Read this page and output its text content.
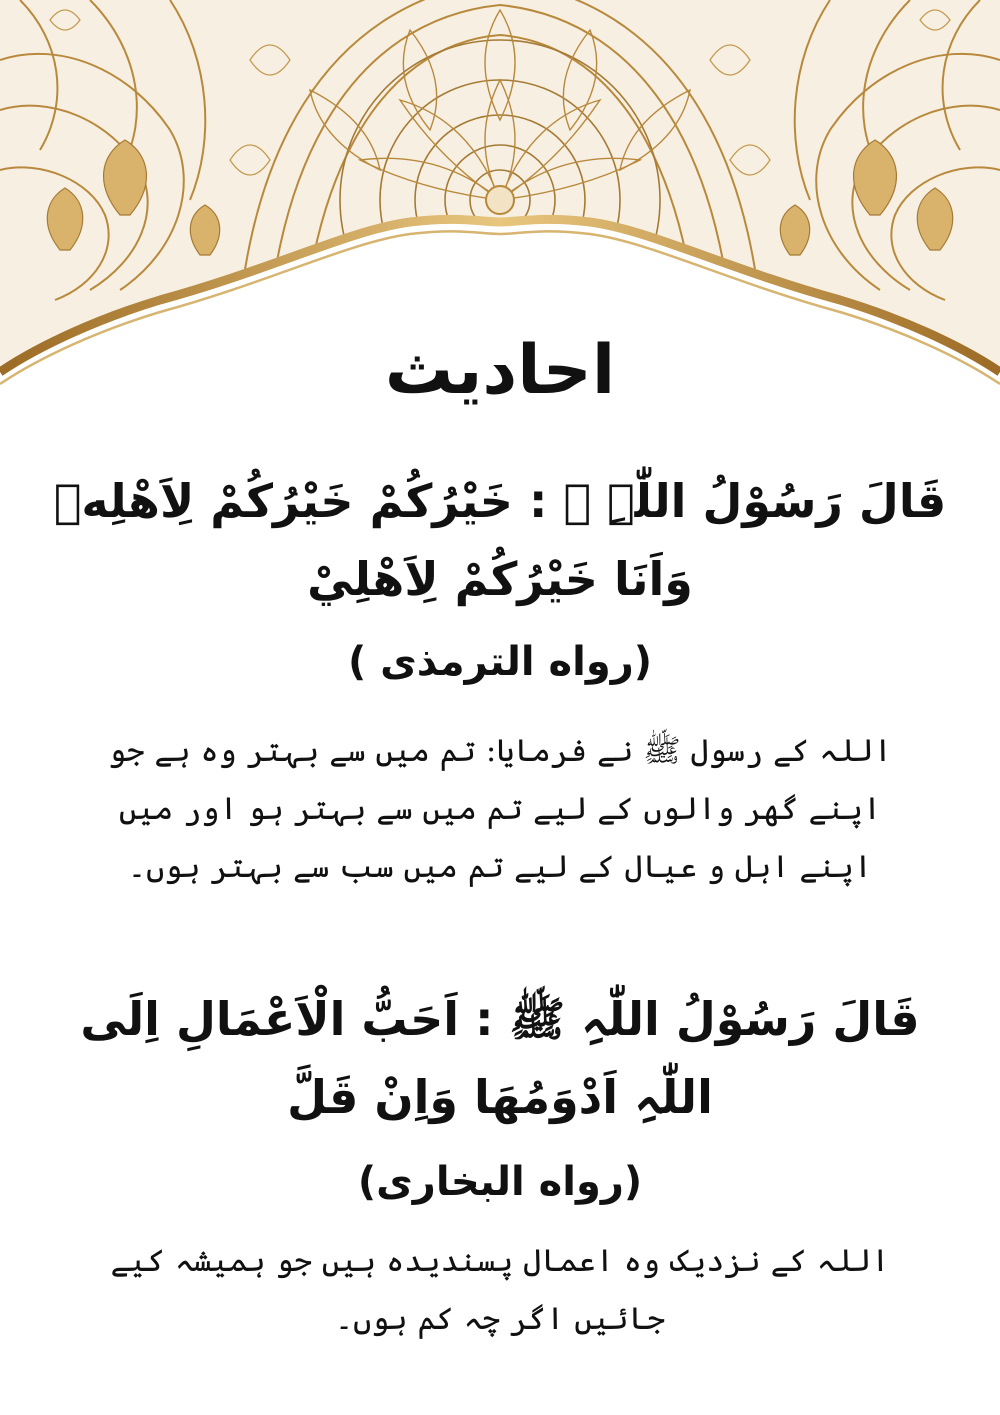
احادیث

قَالَ رَسُوْلُ اللّٰہِ ﷺ : خَيْرُكُمْ خَيْرُكُمْ لِاَهْلِهٖ وَاَنَا خَيْرُكُمْ لِاَهْلِيْ

(رواه الترمذی )

اللہ کے رسول ﷺ نے فرمایا: تم میں سے بہتر وہ ہے جو اپنے گھر والوں کے لیے تم میں سے بہتر ہو اور میں اپنے اہل و عیال کے لیے تم میں سب سے بہتر ہوں۔

قَالَ رَسُوْلُ اللّٰہِ ﷺ : اَحَبُّ الْاَعْمَالِ اِلَی اللّٰہِ اَدْوَمُهَا وَاِنْ قَلَّ

(رواه البخاری)

اللہ کے نزدیک وہ اعمال پسندیدہ ہیں جو ہمیشہ کیے جائیں اگر چہ کم ہوں۔
